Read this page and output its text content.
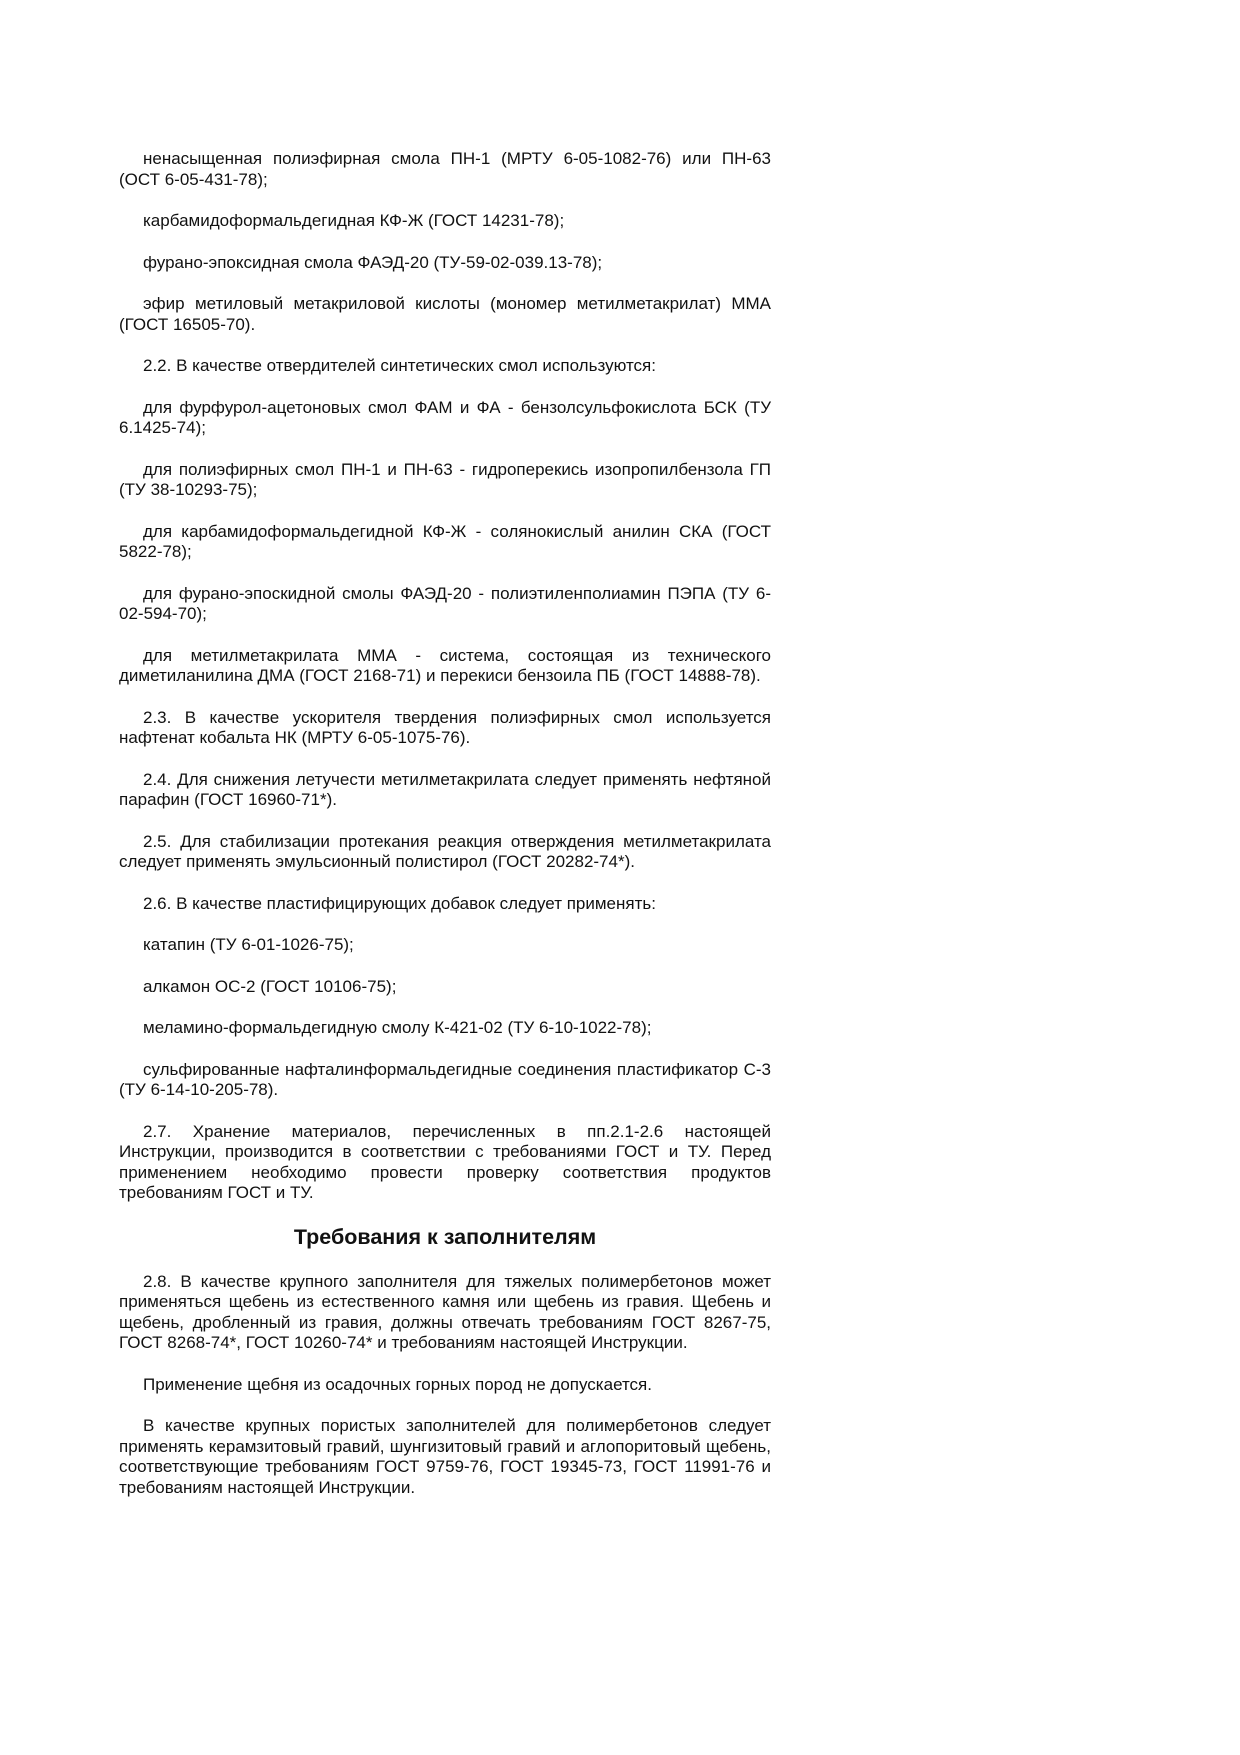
ненасыщенная полиэфирная смола ПН-1 (МРТУ 6-05-1082-76) или ПН-63 (ОСТ 6-05-431-78);

карбамидоформальдегидная КФ-Ж (ГОСТ 14231-78);

фурано-эпоксидная смола ФАЭД-20 (ТУ-59-02-039.13-78);

эфир метиловый метакриловой кислоты (мономер метилметакрилат) ММА (ГОСТ 16505-70).

2.2. В качестве отвердителей синтетических смол используются:

для фурфурол-ацетоновых смол ФАМ и ФА - бензолсульфокислота БСК (ТУ 6.1425-74);

для полиэфирных смол ПН-1 и ПН-63 - гидроперекись изопропилбензола ГП (ТУ 38-10293-75);

для карбамидоформальдегидной КФ-Ж - солянокислый анилин СКА (ГОСТ 5822-78);

для фурано-эпоскидной смолы ФАЭД-20 - полиэтиленполиамин ПЭПА (ТУ 6-02-594-70);

для метилметакрилата ММА - система, состоящая из технического диметиланилина ДМА (ГОСТ 2168-71) и перекиси бензоила ПБ (ГОСТ 14888-78).

2.3. В качестве ускорителя твердения полиэфирных смол используется нафтенат кобальта НК (МРТУ 6-05-1075-76).

2.4. Для снижения летучести метилметакрилата следует применять нефтяной парафин (ГОСТ 16960-71*).

2.5. Для стабилизации протекания реакция отверждения метилметакрилата следует применять эмульсионный полистирол (ГОСТ 20282-74*).

2.6. В качестве пластифицирующих добавок следует применять:

катапин (ТУ 6-01-1026-75);

алкамон ОС-2 (ГОСТ 10106-75);

меламино-формальдегидную смолу К-421-02 (ТУ 6-10-1022-78);

сульфированные нафталинформальдегидные соединения пластификатор С-3 (ТУ 6-14-10-205-78).

2.7. Хранение материалов, перечисленных в пп.2.1-2.6 настоящей Инструкции, производится в соответствии с требованиями ГОСТ и ТУ. Перед применением необходимо провести проверку соответствия продуктов требованиям ГОСТ и ТУ.

Требования к заполнителям

2.8. В качестве крупного заполнителя для тяжелых полимербетонов может применяться щебень из естественного камня или щебень из гравия. Щебень и щебень, дробленный из гравия, должны отвечать требованиям ГОСТ 8267-75, ГОСТ 8268-74*, ГОСТ 10260-74* и требованиям настоящей Инструкции.

Применение щебня из осадочных горных пород не допускается.

В качестве крупных пористых заполнителей для полимербетонов следует применять керамзитовый гравий, шунгизитовый гравий и аглопоритовый щебень, соответствующие требованиям ГОСТ 9759-76, ГОСТ 19345-73, ГОСТ 11991-76 и требованиям настоящей Инструкции.
